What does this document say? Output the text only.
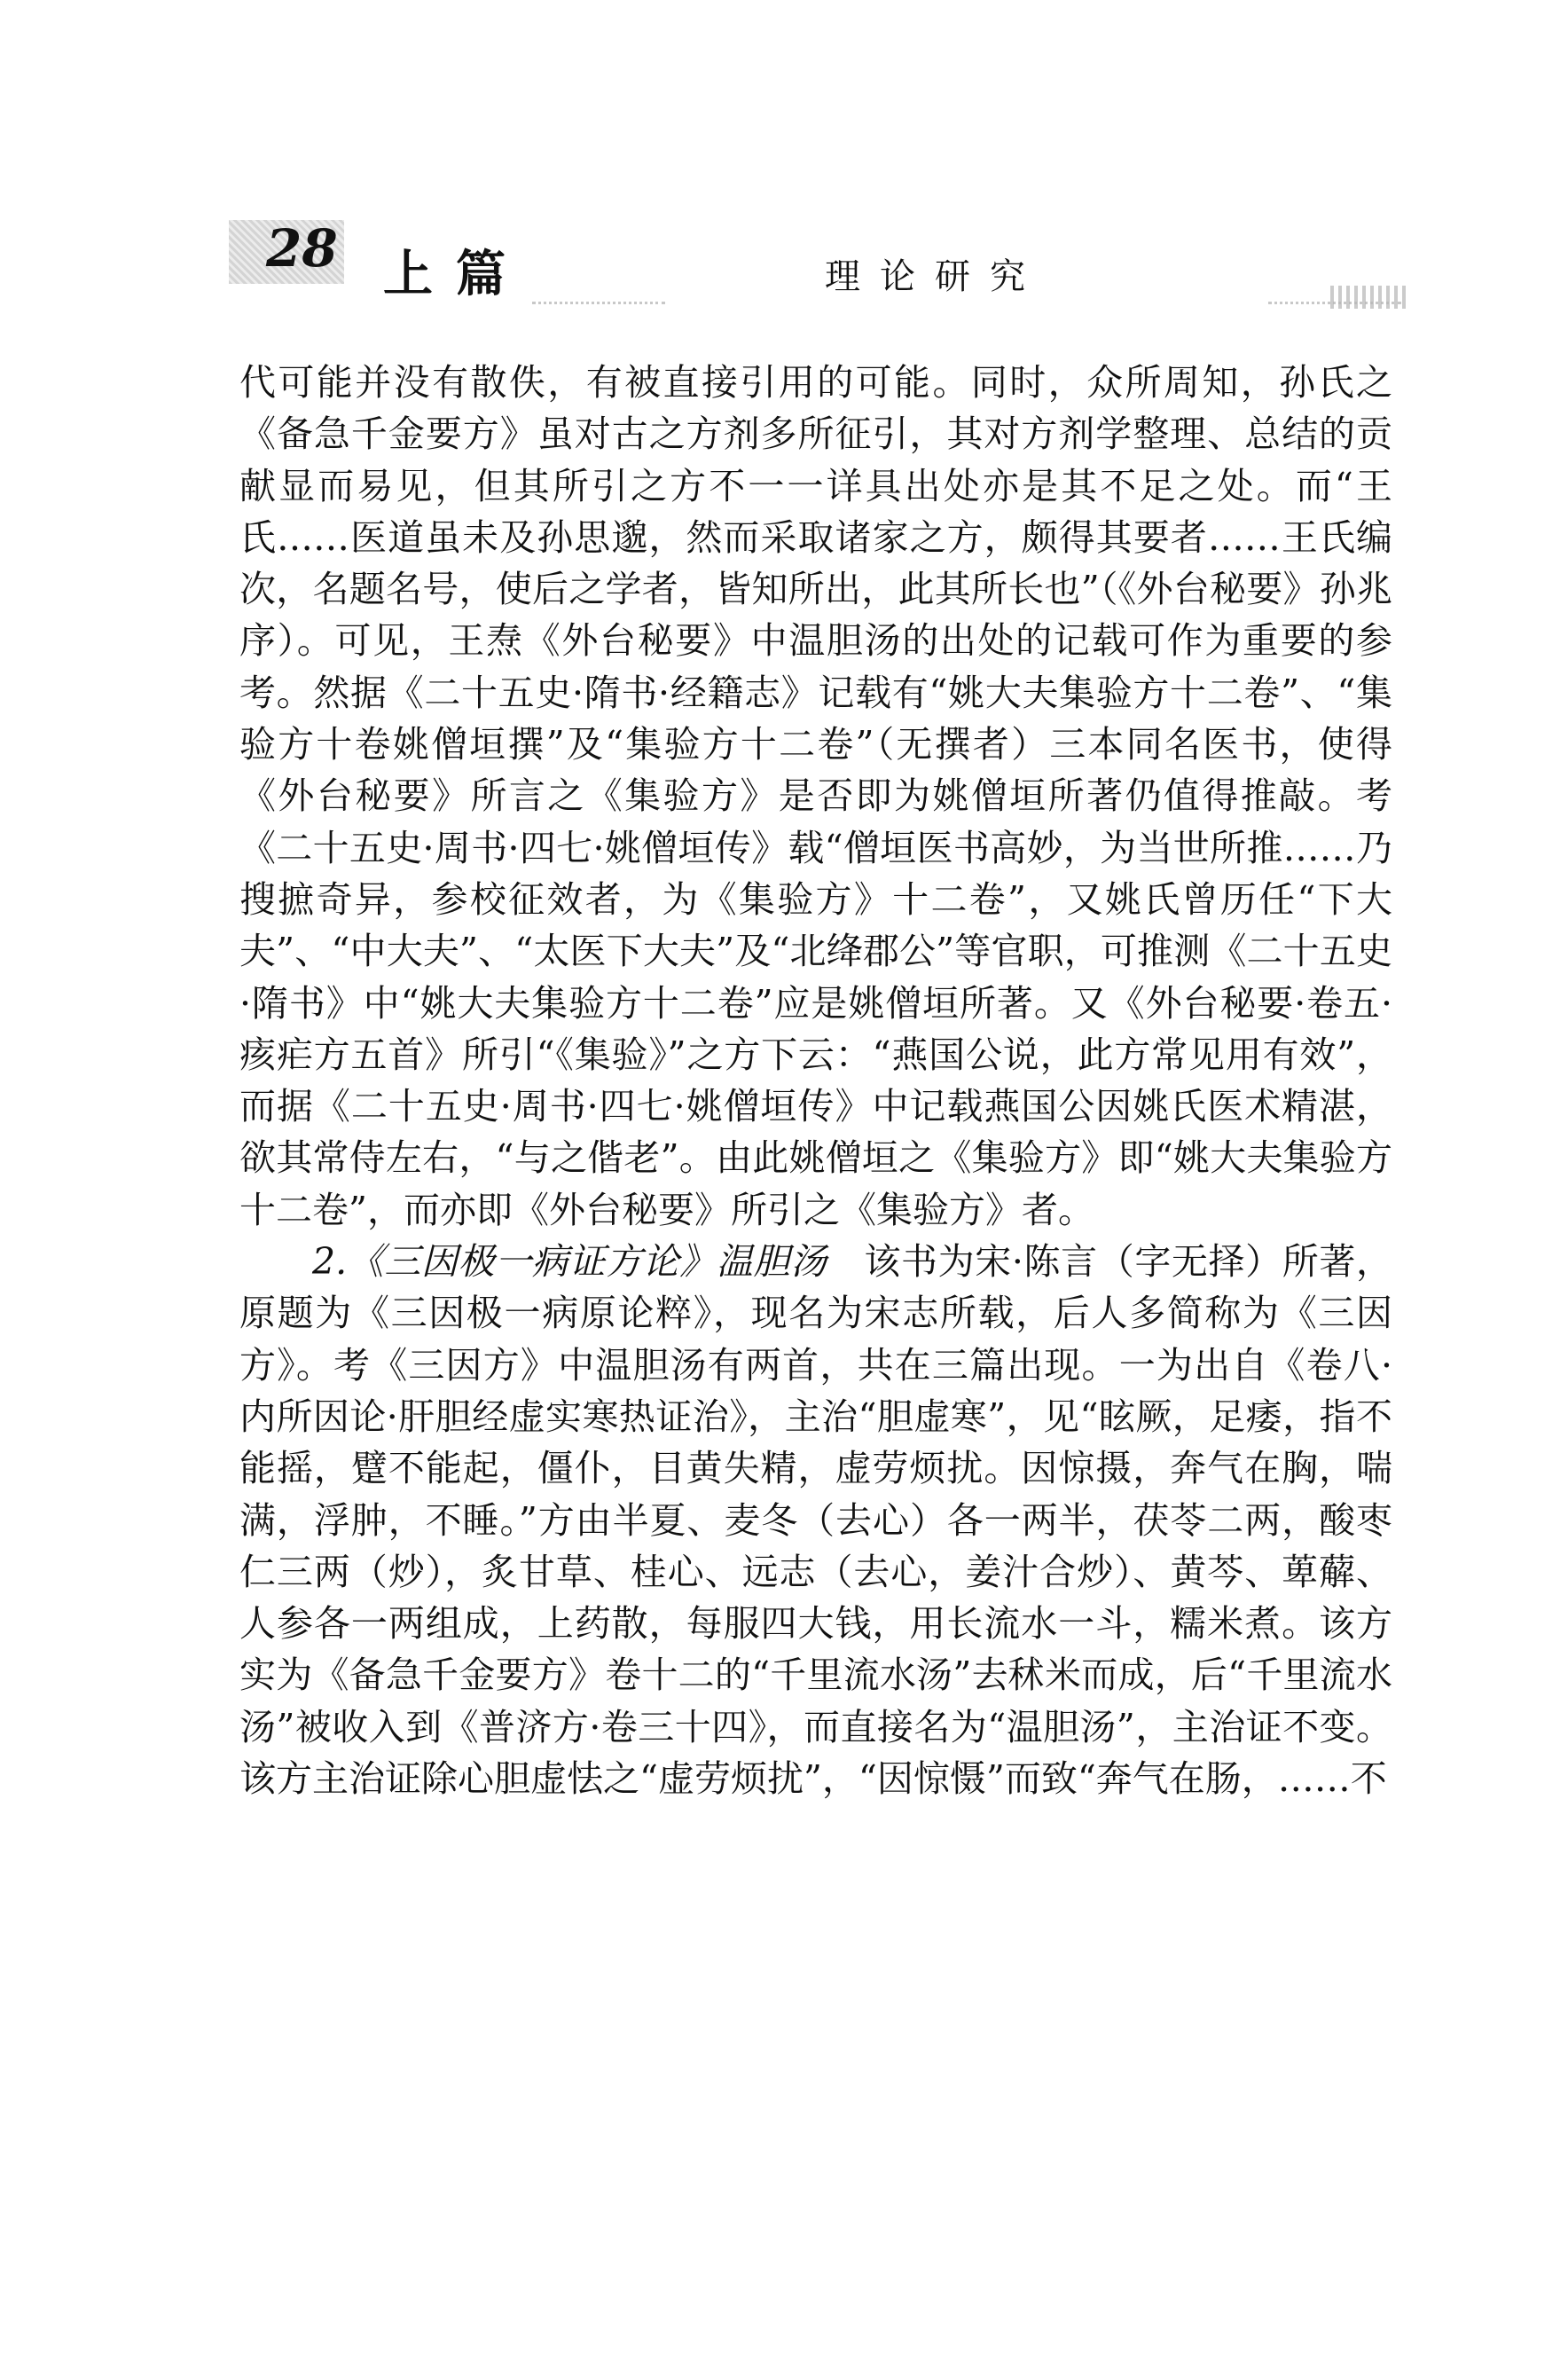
28 上篇	理论研究

代可能并没有散佚，有被直接引用的可能。同时，众所周知，孙氏之《备急千金要方》虽对古之方剂多所征引，其对方剂学整理、总结的贡献显而易见，但其所引之方不一一详具出处亦是其不足之处。而“王氏……医道虽未及孙思邈，然而采取诸家之方，颇得其要者……王氏编次，名题名号，使后之学者，皆知所出，此其所长也”（《外台秘要》孙兆序）。可见，王焘《外台秘要》中温胆汤的出处的记载可作为重要的参考。然据《二十五史·隋书·经籍志》记载有“姚大夫集验方十二卷”、“集验方十卷姚僧垣撰”及“集验方十二卷”（无撰者）三本同名医书，使得《外台秘要》所言之《集验方》是否即为姚僧垣所著仍值得推敲。考《二十五史·周书·四七·姚僧垣传》载“僧垣医书高妙，为当世所推……乃搜摭奇异，参校征效者，为《集验方》十二卷”，又姚氏曾历任“下大夫”、“中大夫”、“太医下大夫”及“北绛郡公”等官职，可推测《二十五史·隋书》中“姚大夫集验方十二卷”应是姚僧垣所著。又《外台秘要·卷五·痎疟方五首》所引“《集验》”之方下云：“燕国公说，此方常见用有效”，而据《二十五史·周书·四七·姚僧垣传》中记载燕国公因姚氏医术精湛，欲其常侍左右，“与之偕老”。由此姚僧垣之《集验方》即“姚大夫集验方十二卷”，而亦即《外台秘要》所引之《集验方》者。

2.《三因极一病证方论》温胆汤　 该书为宋·陈言（字无择）所著，原题为《三因极一病原论粹》，现名为宋志所载，后人多简称为《三因方》。考《三因方》中温胆汤有两首，共在三篇出现。一为出自《卷八·内所因论·肝胆经虚实寒热证治》，主治“胆虚寒”，见“眩厥，足痿，指不能摇，躄不能起，僵仆，目黄失精，虚劳烦扰。因惊摄，奔气在胸，喘满，浮肿，不睡。”方由半夏、麦冬（去心）各一两半，茯苓二两，酸枣仁三两（炒），炙甘草、桂心、远志（去心，姜汁合炒）、黄芩、萆薢、人参各一两组成，上药散，每服四大钱，用长流水一斗，糯米煮。该方实为《备急千金要方》卷十二的“千里流水汤”去秫米而成，后“千里流水汤”被收入到《普济方·卷三十四》，而直接名为“温胆汤”，主治证不变。该方主治证除心胆虚怯之“虚劳烦扰”，“因惊慑”而致“奔气在肠，……不
